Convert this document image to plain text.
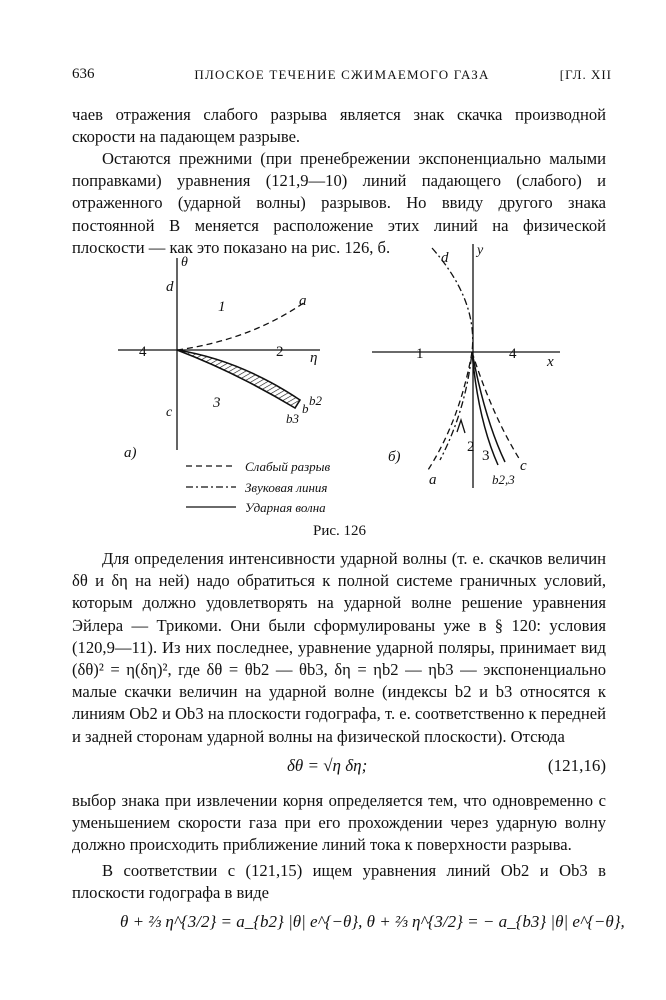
636	ПЛОСКОЕ ТЕЧЕНИЕ СЖИМАЕМОГО ГАЗА	[ГЛ. XII

чаев отражения слабого разрыва является знак скачка производной скорости на падающем разрыве.

Остаются прежними (при пренебрежении экспоненциально малыми поправками) уравнения (121,9—10) линий падающего (слабого) и отраженного (ударной волны) разрывов. Но ввиду другого знака постоянной B меняется расположение этих линий на физической плоскости — как это показано на рис. 126, б.

θ
d
a
1
4	2 η
c
3	b2
b
b3
а)
d y
1	4 x
2
3
a
c
b2,3
б)
Слабый разрыв
Звуковая линия
Ударная волна
Рис. 126

Для определения интенсивности ударной волны (т. е. скачков величин δθ и δη на ней) надо обратиться к полной системе граничных условий, которым должно удовлетворять на ударной волне решение уравнения Эйлера — Трикоми. Они были сформулированы уже в § 120: условия (120,9—11). Из них последнее, уравнение ударной поляры, принимает вид (δθ)² = η(δη)², где δθ = θb2 — θb3, δη = ηb2 — ηb3 — экспоненциально малые скачки величин на ударной волне (индексы b2 и b3 относятся к линиям Ob2 и Ob3 на плоскости годографа, т. е. соответственно к передней и задней сторонам ударной волны на физической плоскости). Отсюда

δθ = √η δη;	(121,16)

выбор знака при извлечении корня определяется тем, что одновременно с уменьшением скорости газа при его прохождении через ударную волну должно происходить приближение линий тока к поверхности разрыва.

В соответствии с (121,15) ищем уравнения линий Ob2 и Ob3 в плоскости годографа в виде

θ + ⅔ η^{3/2} = a_{b2} |θ| e^{−θ}, θ + ⅔ η^{3/2} = − a_{b3} |θ| e^{−θ},
